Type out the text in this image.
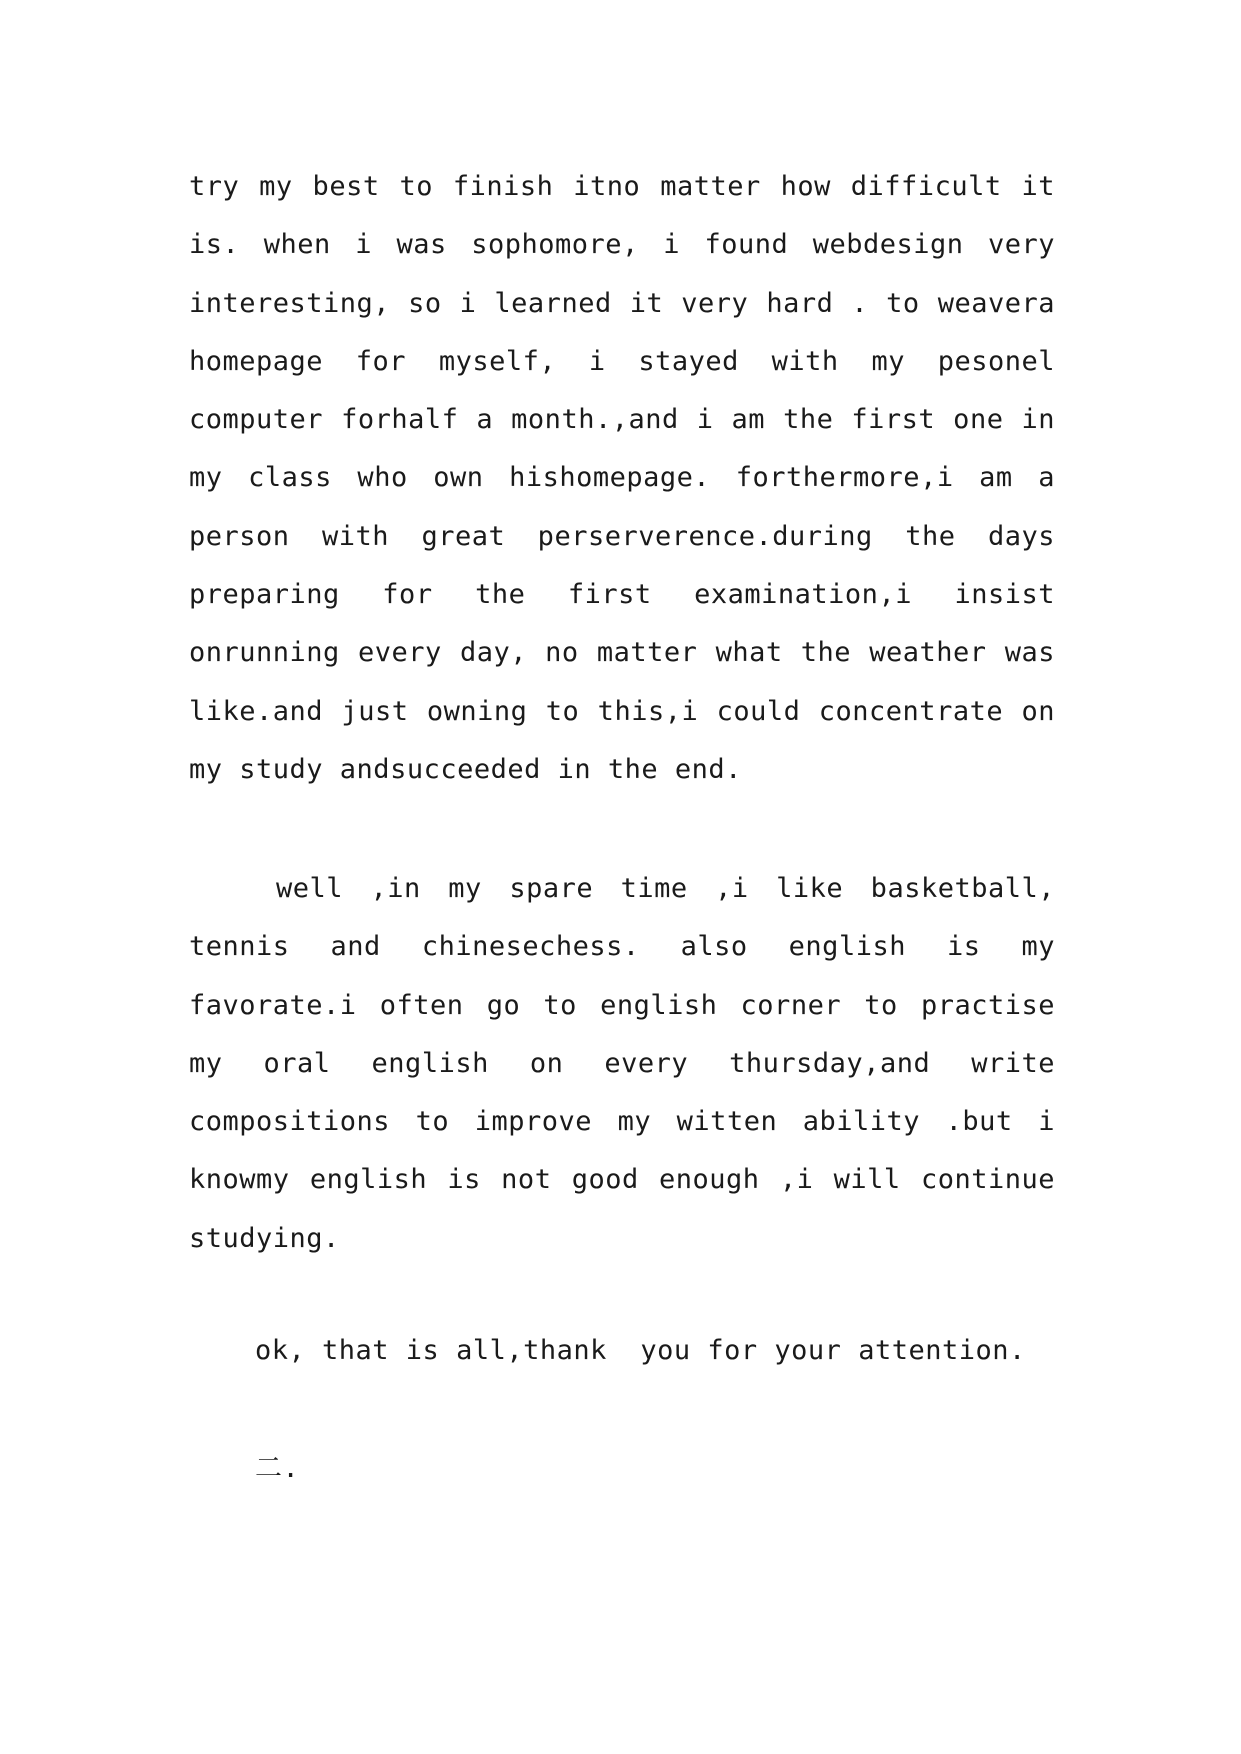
try my best to finish itno matter how difficult it
is. when i was sophomore, i found webdesign very
interesting, so i learned it very hard . to weavera
homepage for myself, i stayed with my pesonel
computer forhalf a month.,and i am the first one in
my class who own hishomepage. forthermore,i am a
person with great perserverence.during the days
preparing for the first examination,i insist
onrunning every day, no matter what the weather was
like.and just owning to this,i could concentrate on
my study andsucceeded in the end.
well ,in my spare time ,i like basketball,
tennis and chinesechess. also english is my
favorate.i often go to english corner to practise
my oral english on every thursday,and write
compositions to improve my witten ability .but i
knowmy english is not good enough ,i will continue
studying.
ok, that is all,thank  you for your attention.
二.
